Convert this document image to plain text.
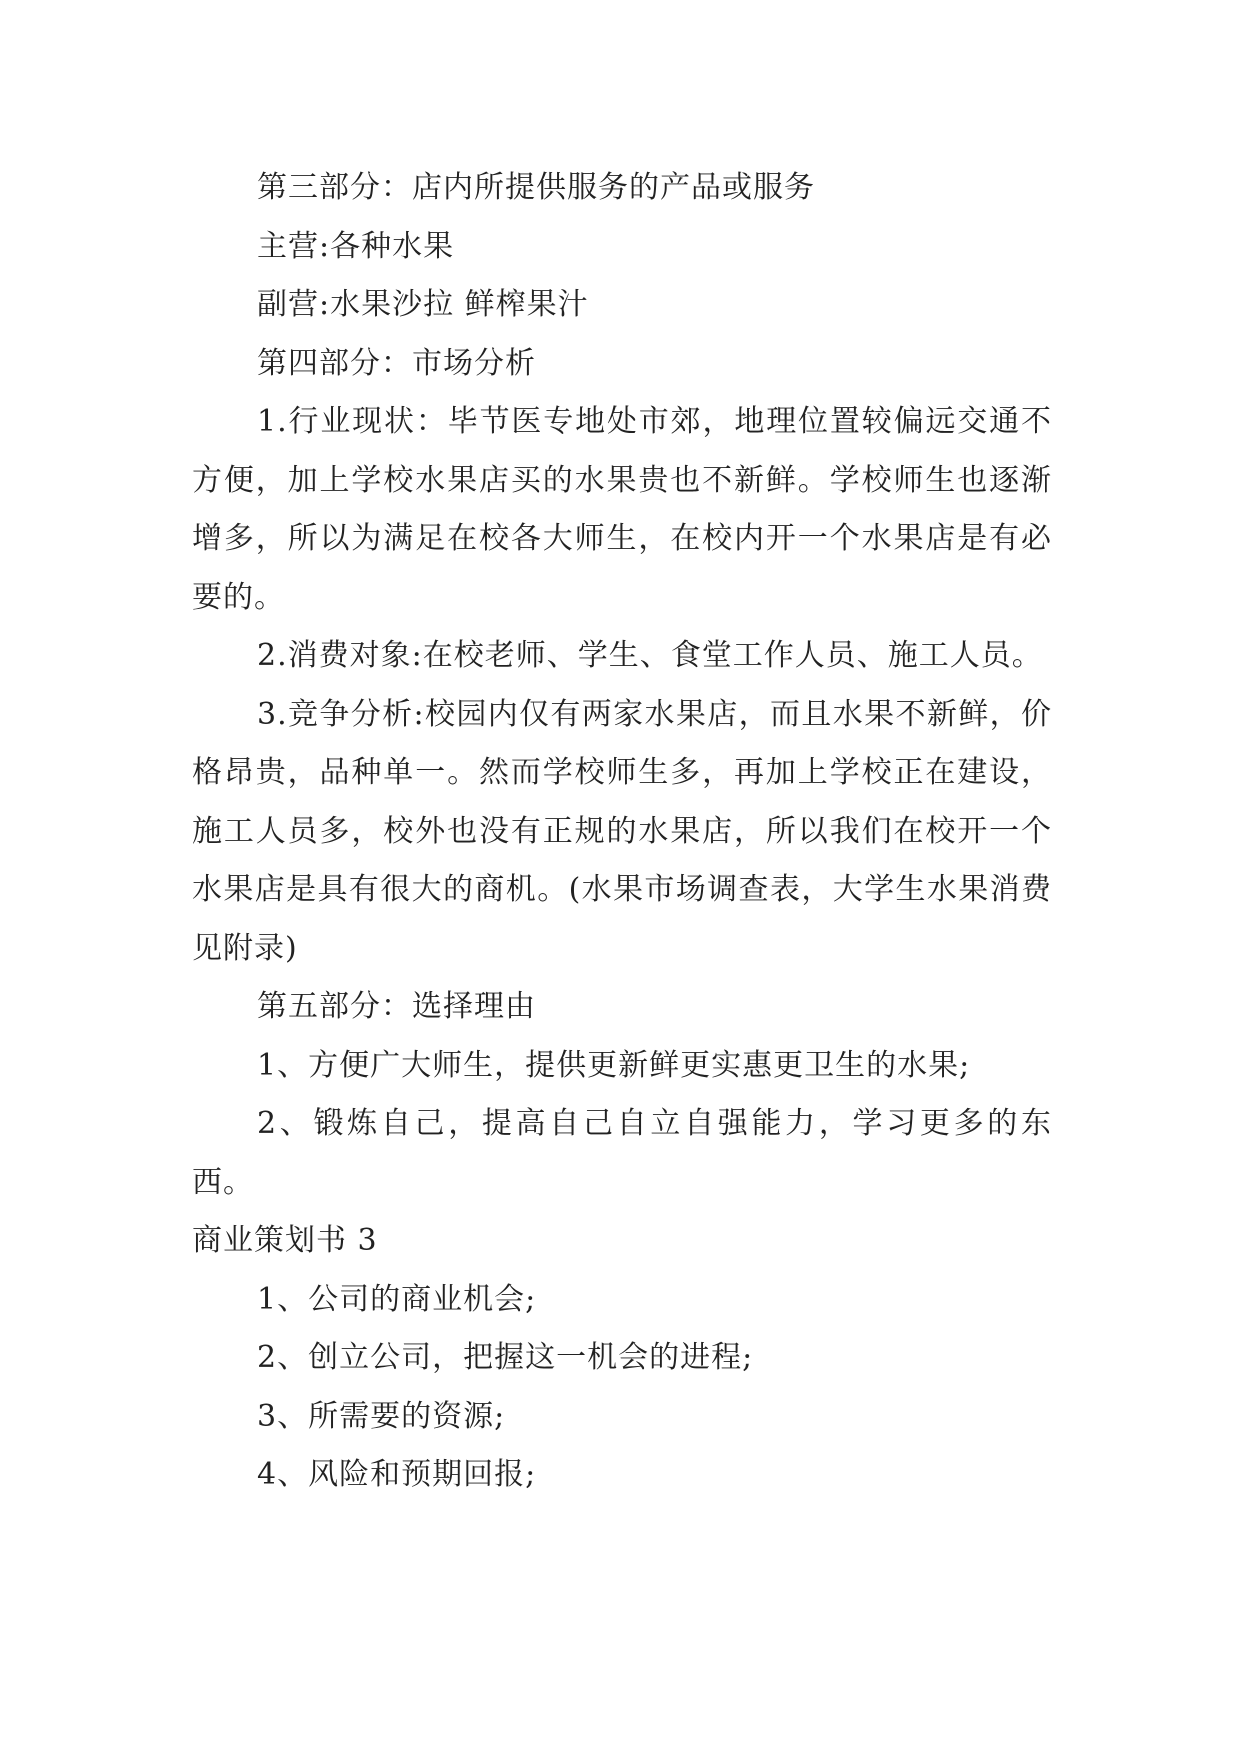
第三部分：店内所提供服务的产品或服务

主营:各种水果

副营:水果沙拉 鲜榨果汁

第四部分：市场分析

1.行业现状：毕节医专地处市郊，地理位置较偏远交通不方便，加上学校水果店买的水果贵也不新鲜。学校师生也逐渐增多，所以为满足在校各大师生，在校内开一个水果店是有必要的。

2.消费对象:在校老师、学生、食堂工作人员、施工人员。

3.竞争分析:校园内仅有两家水果店，而且水果不新鲜，价格昂贵，品种单一。然而学校师生多，再加上学校正在建设，施工人员多，校外也没有正规的水果店，所以我们在校开一个水果店是具有很大的商机。(水果市场调查表，大学生水果消费见附录)

第五部分：选择理由

1、方便广大师生，提供更新鲜更实惠更卫生的水果;

2、锻炼自己，提高自己自立自强能力，学习更多的东西。

商业策划书 3

1、公司的商业机会;

2、创立公司，把握这一机会的进程;

3、所需要的资源;

4、风险和预期回报;
